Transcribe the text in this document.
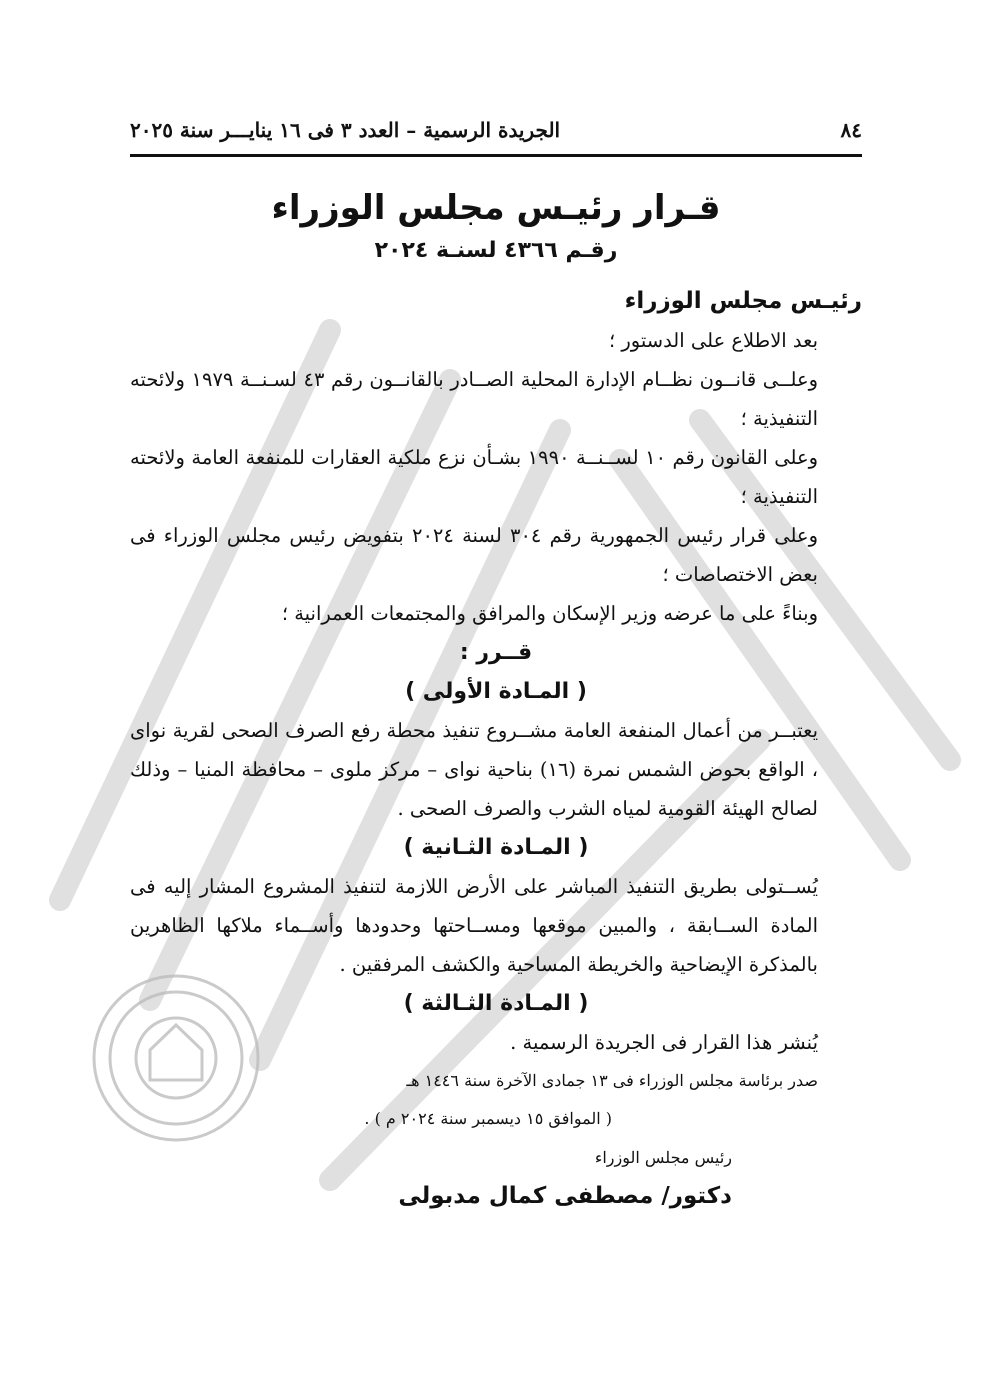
٨٤
الجريدة الرسمية – العدد ٣ فى ١٦ ينايـــر سنة ٢٠٢٥
قـرار رئيـس مجلس الوزراء
رقـم ٤٣٦٦ لسنـة ٢٠٢٤

رئيـس مجلس الوزراء

بعد الاطلاع على الدستور ؛

وعلــى قانــون نظــام الإدارة المحلية الصــادر بالقانــون رقم ٤٣ لسـنــة ١٩٧٩ ولائحته التنفيذية ؛

وعلى القانون رقم ١٠ لســنــة ١٩٩٠ بشـأن نزع ملكية العقارات للمنفعة العامة ولائحته التنفيذية ؛

وعلى قرار رئيس الجمهورية رقم ٣٠٤ لسنة ٢٠٢٤ بتفويض رئيس مجلس الوزراء فى بعض الاختصاصات ؛

وبناءً على ما عرضه وزير الإسكان والمرافق والمجتمعات العمرانية ؛

قــرر :

( المـادة الأولى )

يعتبــر من أعمال المنفعة العامة مشــروع تنفيذ محطة رفع الصرف الصحى لقرية نواى ، الواقع بحوض الشمس نمرة (١٦) بناحية نواى – مركز ملوى – محافظة المنيا – وذلك لصالح الهيئة القومية لمياه الشرب والصرف الصحى .

( المـادة الثـانية )

يُســتولى بطريق التنفيذ المباشر على الأرض اللازمة لتنفيذ المشروع المشار إليه فى المادة الســابقة ، والمبين موقعها ومســاحتها وحدودها وأســماء ملاكها الظاهرين بالمذكرة الإيضاحية والخريطة المساحية والكشف المرفقين .

( المـادة الثـالثة )

يُنشر هذا القرار فى الجريدة الرسمية .

صدر برئاسة مجلس الوزراء فى ١٣ جمادى الآخرة سنة ١٤٤٦ هـ

( الموافق ١٥ ديسمبر سنة ٢٠٢٤ م ) .

رئيس مجلس الوزراء

دكتور/ مصطفى كمال مدبولى
